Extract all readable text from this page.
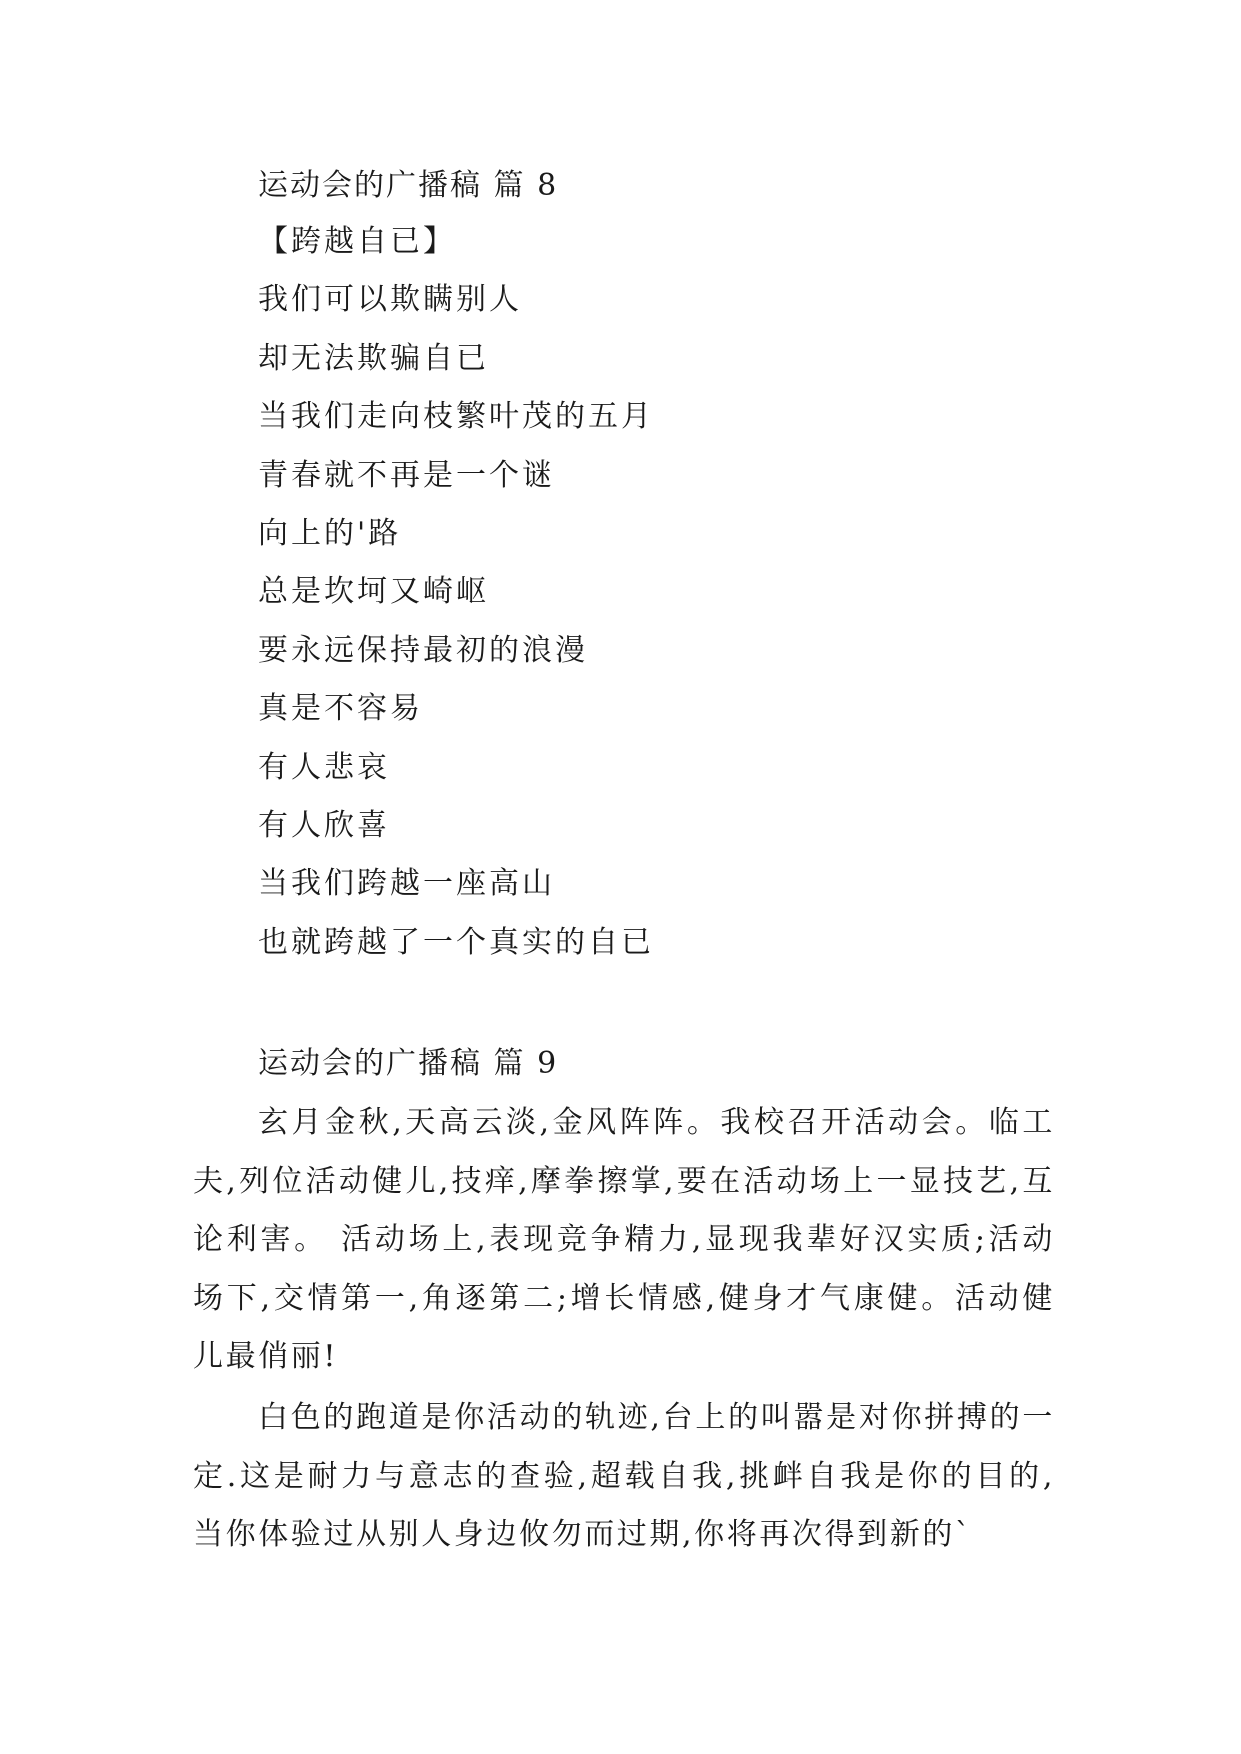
运动会的广播稿 篇 8
【跨越自已】
我们可以欺瞒别人
却无法欺骗自已
当我们走向枝繁叶茂的五月
青春就不再是一个谜
向上的'路
总是坎坷又崎岖
要永远保持最初的浪漫
真是不容易
有人悲哀
有人欣喜
当我们跨越一座高山
也就跨越了一个真实的自已
运动会的广播稿 篇 9

玄月金秋,天高云淡,金风阵阵。我校召开活动会。临工夫,列位活动健儿,技痒,摩拳擦掌,要在活动场上一显技艺,互论利害。 活动场上,表现竞争精力,显现我辈好汉实质;活动场下,交情第一,角逐第二;增长情感,健身才气康健。活动健儿最俏丽!

白色的跑道是你活动的轨迹,台上的叫嚣是对你拼搏的一定.这是耐力与意志的查验,超载自我,挑衅自我是你的目的,当你体验过从别人身边攸勿而过期,你将再次得到新的`
